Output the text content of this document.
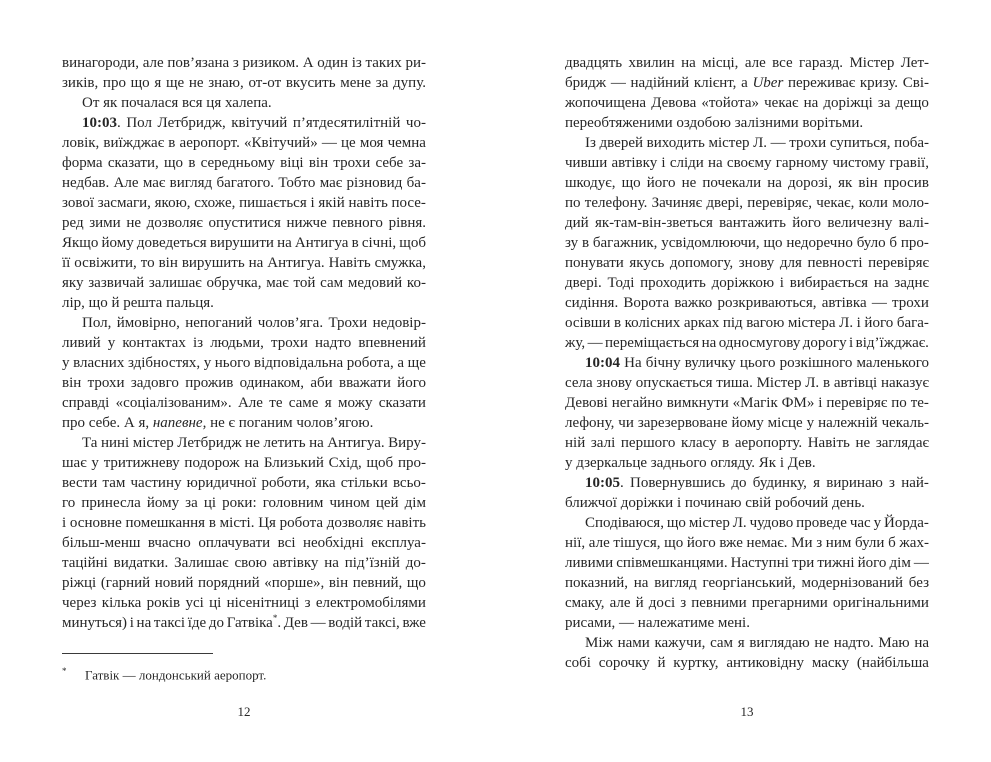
винагороди, але пов’язана з ризиком. А один із таких ри-
зиків, про що я ще не знаю, от-от вкусить мене за дупу.
От як почалася вся ця халепа.
10:03. Пол Летбридж, квітучий п’ятдесятилітній чо-
ловік, виїжджає в аеропорт. «Квітучий» — це моя чемна
форма сказати, що в середньому віці він трохи себе за-
недбав. Але має вигляд багатого. Тобто має різновид ба-
зової засмаги, якою, схоже, пишається і якій навіть посе-
ред зими не дозволяє опуститися нижче певного рівня.
Якщо йому доведеться вирушити на Антигуа в січні, щоб
її освіжити, то він вирушить на Антигуа. Навіть смужка,
яку зазвичай залишає обручка, має той сам медовий ко-
лір, що й решта пальця.
Пол, ймовірно, непоганий чолов’яга. Трохи недовір-
ливий у контактах із людьми, трохи надто впевнений
у власних здібностях, у нього відповідальна робота, а ще
він трохи задовго прожив одинаком, аби вважати його
справді «соціалізованим». Але те саме я можу сказати
про себе. А я, напевне, не є поганим чолов’ягою.
Та нині містер Летбридж не летить на Антигуа. Виру-
шає у тритижневу подорож на Близький Схід, щоб про-
вести там частину юридичної роботи, яка стільки всьо-
го принесла йому за ці роки: головним чином цей дім
і основне помешкання в місті. Ця робота дозволяє навіть
більш-менш вчасно оплачувати всі необхідні експлуа-
таційні видатки. Залишає свою автівку на під’їзній до-
ріжці (гарний новий порядний «порше», він певний, що
через кілька років усі ці нісенітниці з електромобілями
минуться) і на таксі їде до Гатвіка*. Дев — водій таксі, вже
* Гатвік — лондонський аеропорт.
12
двадцять хвилин на місці, але все гаразд. Містер Лет-
бридж — надійний клієнт, а Uber переживає кризу. Сві-
жопочищена Девова «тойота» чекає на доріжці за дещо
переобтяженими оздобою залізними ворітьми.
Із дверей виходить містер Л. — трохи супиться, поба-
чивши автівку і сліди на своєму гарному чистому гравії,
шкодує, що його не почекали на дорозі, як він просив
по телефону. Зачиняє двері, перевіряє, чекає, коли моло-
дий як-там-він-зветься вантажить його величезну валі-
зу в багажник, усвідомлюючи, що недоречно було б про-
понувати якусь допомогу, знову для певності перевіряє
двері. Тоді проходить доріжкою і вибирається на заднє
сидіння. Ворота важко розкриваються, автівка — трохи
осівши в колісних арках під вагою містера Л. і його бага-
жу, — переміщається на односмугову дорогу і від’їжджає.
10:04 На бічну вуличку цього розкішного маленького
села знову опускається тиша. Містер Л. в автівці наказує
Девові негайно вимкнути «Магік ФМ» і перевіряє по те-
лефону, чи зарезервоване йому місце у належній чекаль-
ній залі першого класу в аеропорту. Навіть не заглядає
у дзеркальце заднього огляду. Як і Дев.
10:05. Повернувшись до будинку, я виринаю з най-
ближчої доріжки і починаю свій робочий день.
Сподіваюся, що містер Л. чудово проведе час у Йорда-
нії, але тішуся, що його вже немає. Ми з ним були б жах-
ливими співмешканцями. Наступні три тижні його дім —
показний, на вигляд георгіанський, модернізований без
смаку, але й досі з певними прегарними оригінальними
рисами, — належатиме мені.
Між нами кажучи, сам я виглядаю не надто. Маю на
собі сорочку й куртку, антиковідну маску (найбільша
13
